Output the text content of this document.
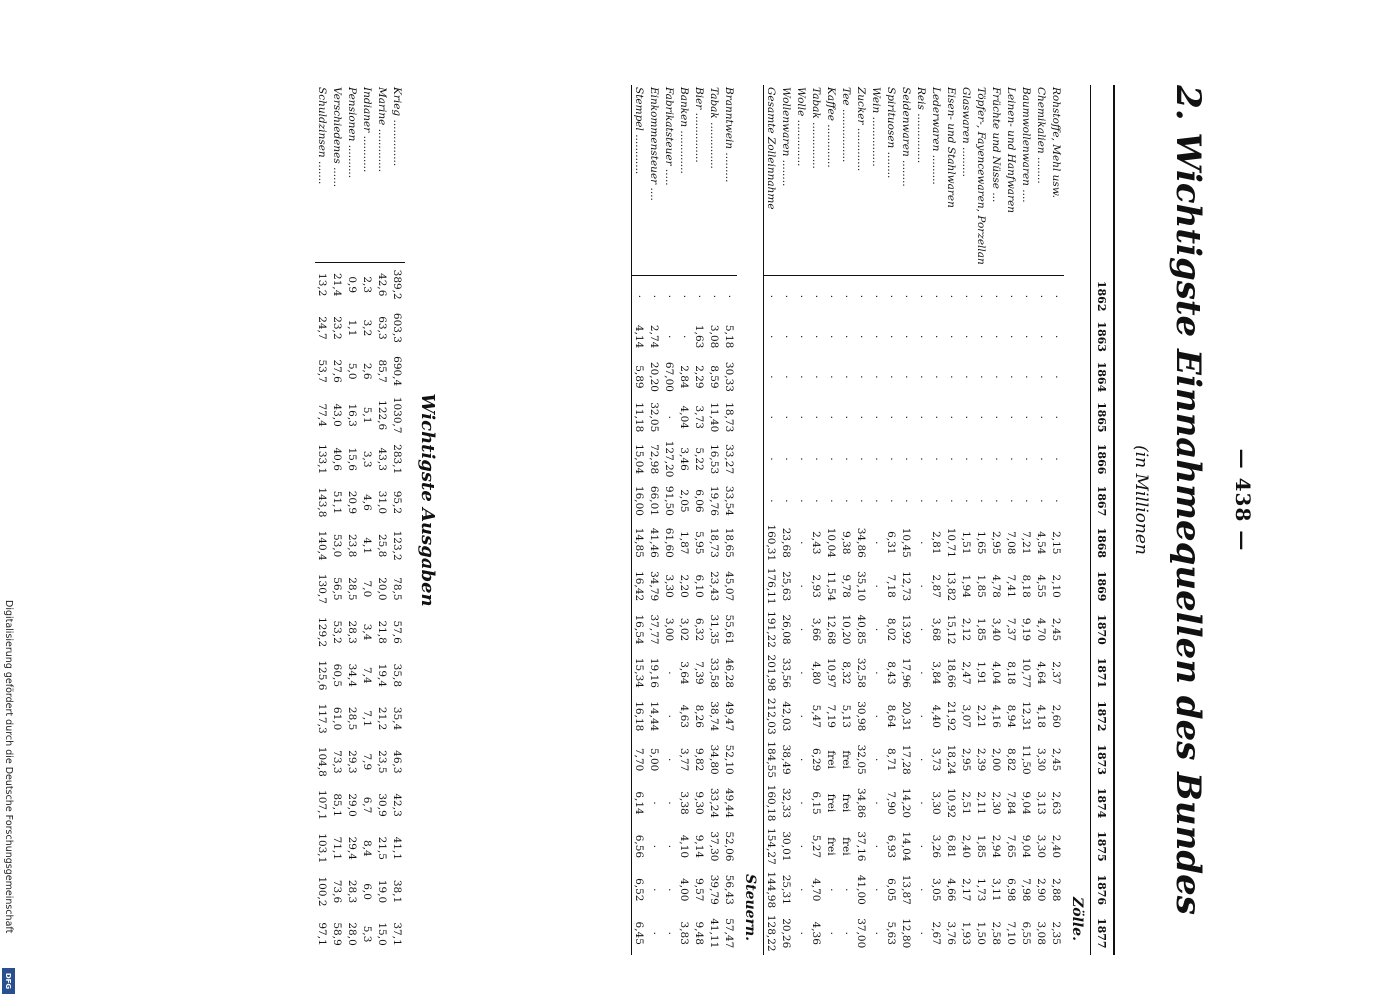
— 438 —
2. Wichtigste Einnahmequellen des Bundes
(in Millionen
	1862	1863	1864	1865	1866	1867	1868	1869	1870	1871	1872	1873	1874	1875	1876	1877
Zölle.																
Rohstoffe, Mehl usw.	·	·	·	·	·	·	2,15	2,10	2,45	2,37	2,60	2,45	2,63	2,40	2,88	2,35
Chemikalien ........	·	·	·	·	·	·	4,54	4,55	4,70	4,64	4,18	3,30	3,13	3,30	2,90	3,08
Baumwollenwaren ....	·	·	·	·	·	·	7,21	8,18	9,19	10,77	12,31	11,50	9,04	9,04	7,98	6,55
Leinen- und Hanfwaren	·	·	·	·	·	·	7,08	7,41	7,37	8,18	8,94	8,82	7,84	7,65	6,98	7,10
Früchte und Nüsse ...	·	·	·	·	·	·	2,95	4,78	3,40	4,04	4,16	2,00	2,30	2,94	3,11	2,58
Töpfer-, Fayencewaren, Porzellan	·	·	·	·	·	·	1,65	1,85	1,85	1,91	2,21	2,39	2,11	1,85	1,73	1,50
Glaswaren .........	·	·	·	·	·	·	1,51	1,94	2,12	2,47	3,07	2,95	2,51	2,40	2,17	1,93
Eisen- und Stahlwaren	·	·	·	·	·	·	10,71	13,82	15,12	18,66	21,92	18,24	10,92	6,81	4,66	3,76
Lederwaren .........	·	·	·	·	·	·	2,81	2,87	3,68	3,84	4,40	3,73	3,30	3,26	3,05	2,67
Reis ...............	·	·	·	·	·	·	·	·	·	·	·	·	·	·	·	·
Seidenwaren ........	·	·	·	·	·	·	10,45	12,73	13,92	17,96	20,31	17,28	14,20	14,04	13,87	12,80
Spirituosen ........	·	·	·	·	·	·	6,31	7,18	8,02	8,43	8,64	8,71	7,90	6,93	6,05	5,63
Wein ...............	·	·	·	·	·	·	·	·	·	·	·	·	·	·	·	·
Zucker .............	·	·	·	·	·	·	34,86	35,10	40,85	32,58	30,98	32,05	34,86	37,16	41,00	37,00
Tee ................	·	·	·	·	·	·	9,38	9,78	10,20	8,32	5,13	frei	frei	frei	·	·
Kaffee .............	·	·	·	·	·	·	10,04	11,54	12,68	10,97	7,19	frei	frei	frei	·	·
Tabak ..............	·	·	·	·	·	·	2,43	2,93	3,66	4,80	5,47	6,29	6,15	5,27	4,70	4,36
Wolle ..............	·	·	·	·	·	·	·	·	·	·	·	·	·	·	·	·
Wollenwaren ........	·	·	·	·	·	·	23,68	25,63	26,08	33,56	42,03	38,49	32,33	30,01	25,31	20,26
Gesamte Zolleinnahme	·	·	·	·	·	·	160,31	176,11	191,22	201,98	212,03	184,55	160,18	154,27	144,98	128,22

Steuern.																
Branntwein .........	·	5,18	30,33	18,73	33,27	33,54	18,65	45,07	55,61	46,28	49,47	52,10	49,44	52,06	56,43	57,47
Tabak ..............	·	3,08	8,59	11,40	16,53	19,76	18,73	23,43	31,35	33,58	38,74	34,80	33,24	37,30	39,79	41,11
Bier ...............	·	1,63	2,29	3,73	5,22	6,06	5,95	6,10	6,32	7,39	8,26	9,82	9,30	9,14	9,57	9,48
Banken .............	·	·	2,84	4,04	3,46	2,05	1,87	2,20	3,02	3,64	4,63	3,77	3,38	4,10	4,00	3,83
Fabrikatsteuer .....	·	·	67,00	·	127,20	91,50	61,60	3,30	3,00	·	·	·	·	·	·	·
Einkommensteuer ....	·	2,74	20,20	32,05	72,98	66,01	41,46	34,79	37,77	19,16	14,44	5,00	·	·	·	·
Stempel ............	·	4,14	5,89	11,18	15,04	16,00	14,85	16,42	16,54	15,34	16,18	7,70	6,14	6,56	6,52	6,45

Wichtigste Ausgaben
Krieg ..............	389,2	603,3	690,4	1030,7	283,1	95,2	123,2	78,5	57,6	35,8	35,4	46,3	42,3	41,1	38,1	37,1
Marine .............	42,6	63,3	85,7	122,6	43,3	31,0	25,8	20,0	21,8	19,4	21,2	23,5	30,9	21,5	19,0	15,0
Indianer ...........	2,3	3,2	2,6	5,1	3,3	4,6	4,1	7,0	3,4	7,4	7,1	7,9	6,7	8,4	6,0	5,3
Pensionen ..........	0,9	1,1	5,0	16,3	15,6	20,9	23,8	28,5	28,3	34,4	28,5	29,3	29,0	29,4	28,3	28,0
Verschiedenes ......	21,4	23,2	27,6	43,0	40,6	51,1	53,0	56,5	53,2	60,5	61,0	73,3	85,1	71,1	73,6	58,9
Schuldzinsen .......	13,2	24,7	53,7	77,4	133,1	143,8	140,4	130,7	129,2	125,6	117,3	104,8	107,1	103,1	100,2	97,1
Digitalisierung gefördert durch die Deutsche Forschungsgemeinschaft
DFG
